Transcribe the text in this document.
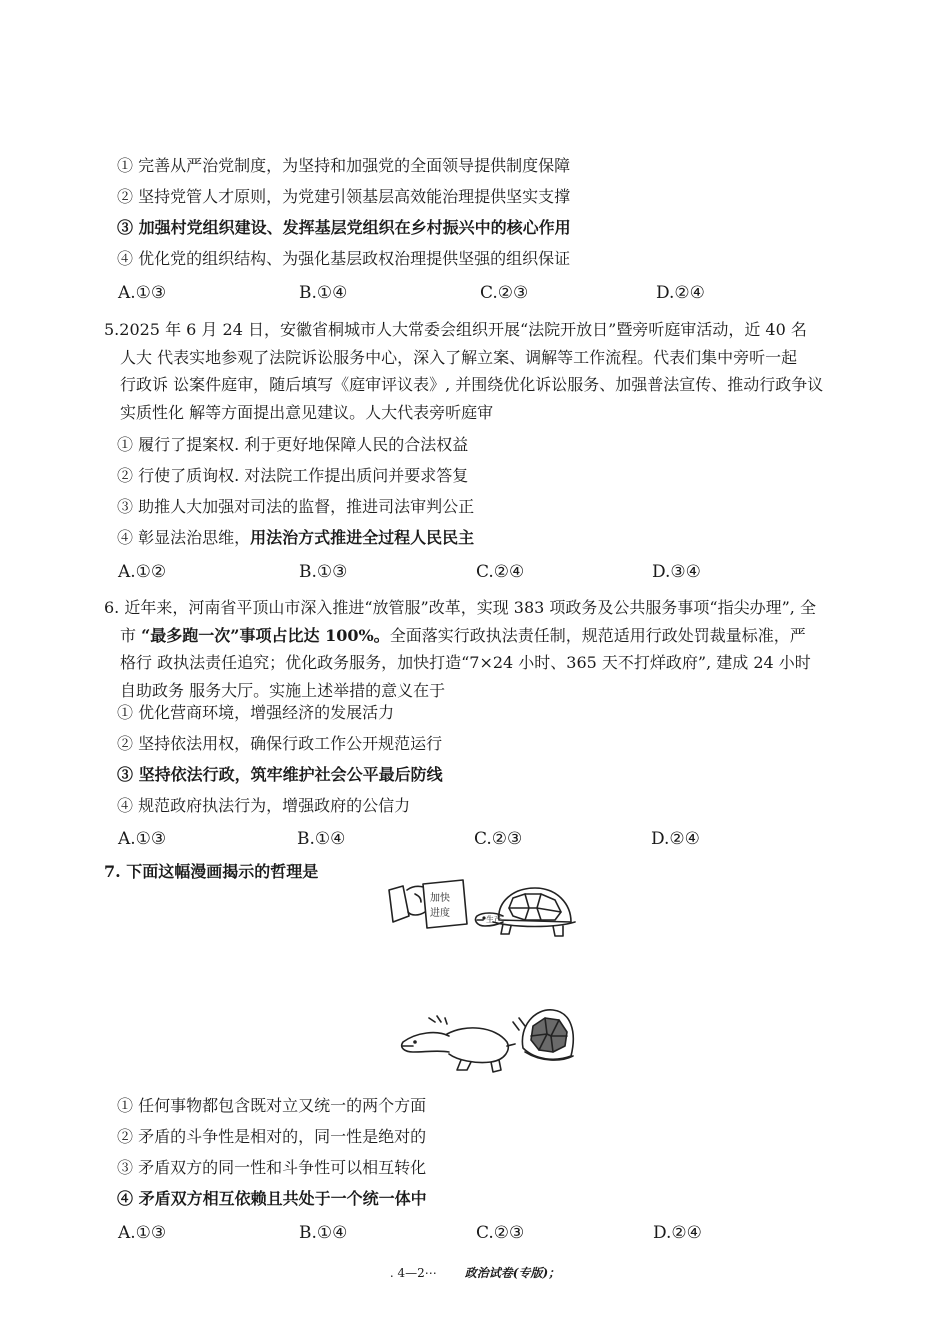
① 完善从严治党制度，为坚持和加强党的全面领导提供制度保障
② 坚持党管人才原则，为党建引领基层高效能治理提供坚实支撑
③ 加强村党组织建设、发挥基层党组织在乡村振兴中的核心作用
④ 优化党的组织结构、为强化基层政权治理提供坚强的组织保证
A.①③	B.①④	C.②③	D.②④
5.2025 年 6 月 24 日，安徽省桐城市人大常委会组织开展“法院开放日”暨旁听庭审活动，近 40 名
人大 代表实地参观了法院诉讼服务中心，深入了解立案、调解等工作流程。代表们集中旁听一起
行政诉 讼案件庭审，随后填写《庭审评议表》, 并围绕优化诉讼服务、加强普法宣传、推动行政争议
实质性化 解等方面提出意见建议。人大代表旁听庭审
① 履行了提案权. 利于更好地保障人民的合法权益
② 行使了质询权. 对法院工作提出质问并要求答复
③ 助推人大加强对司法的监督，推进司法审判公正
④ 彰显法治思维，用法治方式推进全过程人民民主
A.①②	B.①③	C.②④	D.③④
6. 近年来，河南省平顶山市深入推进“放管服”改革，实现 383 项政务及公共服务事项“指尖办理”, 全
市 “最多跑一次”事项占比达 100%。全面落实行政执法责任制，规范适用行政处罚裁量标准，严
格行 政执法责任追究；优化政务服务，加快打造“7×24 小时、365 天不打烊政府”, 建成 24 小时
自助政务 服务大厅。实施上述举措的意义在于
① 优化营商环境，增强经济的发展活力
② 坚持依法用权，确保行政工作公开规范运行
③ 坚持依法行政，筑牢维护社会公平最后防线
④ 规范政府执法行为，增强政府的公信力
A.①③	B.①④	C.②③	D.②④
7. 下面这幅漫画揭示的哲理是
加快
进度
生产
① 任何事物都包含既对立又统一的两个方面
② 矛盾的斗争性是相对的，同一性是绝对的
③ 矛盾双方的同一性和斗争性可以相互转化
④ 矛盾双方相互依赖且共处于一个统一体中
A.①③	B.①④	C.②③	D.②④
. 4—2⋯ 政治试卷(专版)；
